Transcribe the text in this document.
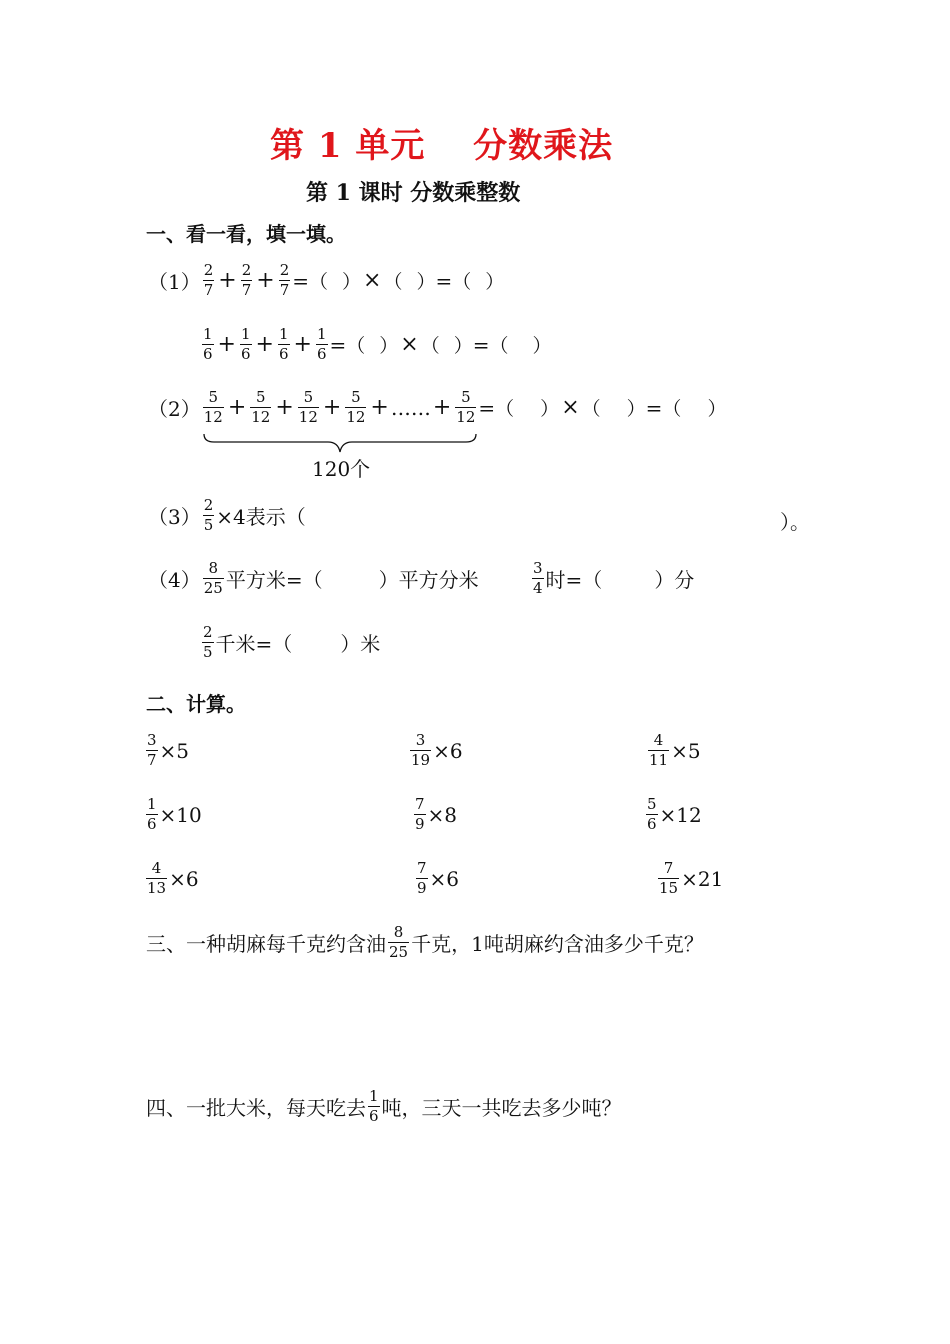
第 1 单元　 分数乘法
第 1 课时 分数乘整数
一、看一看，填一填。
$(1) \frac{2}{7} + \frac{2}{7} + \frac{2}{7}$ = （ ） × （ ） = （ ）
$\frac{1}{6} + \frac{1}{6} + \frac{1}{6} + \frac{1}{6}$ = （ ） × （ ） = （ ）
$(2) \frac{5}{12} + \frac{5}{12} + \frac{5}{12} + \frac{5}{12}$ + …… + $\frac{5}{12}$ = （ ） × （ ） = （ ）
120个
$(3) \frac{2}{5} \times 4$表示（	）。
$(4) \frac{8}{25}$ 平方米=（	）平方分米	$\frac{3}{4}$ 时=（	）分
$\frac{2}{5}$ 千米=（ ）米
二、计算。
$\frac{3}{7} \times 5$	$\frac{3}{19} \times 6$	$\frac{4}{11} \times 5$
$\frac{1}{6} \times 10$	$\frac{7}{9} \times 8$	$\frac{5}{6} \times 12$
$\frac{4}{13} \times 6$	$\frac{7}{9} \times 6$	$\frac{7}{15} \times 21$
三、一种胡麻每千克约含油 $\frac{8}{25}$ 千克，1吨胡麻约含油多少千克？
四、一批大米，每天吃去 $\frac{1}{6}$ 吨，三天一共吃去多少吨？
